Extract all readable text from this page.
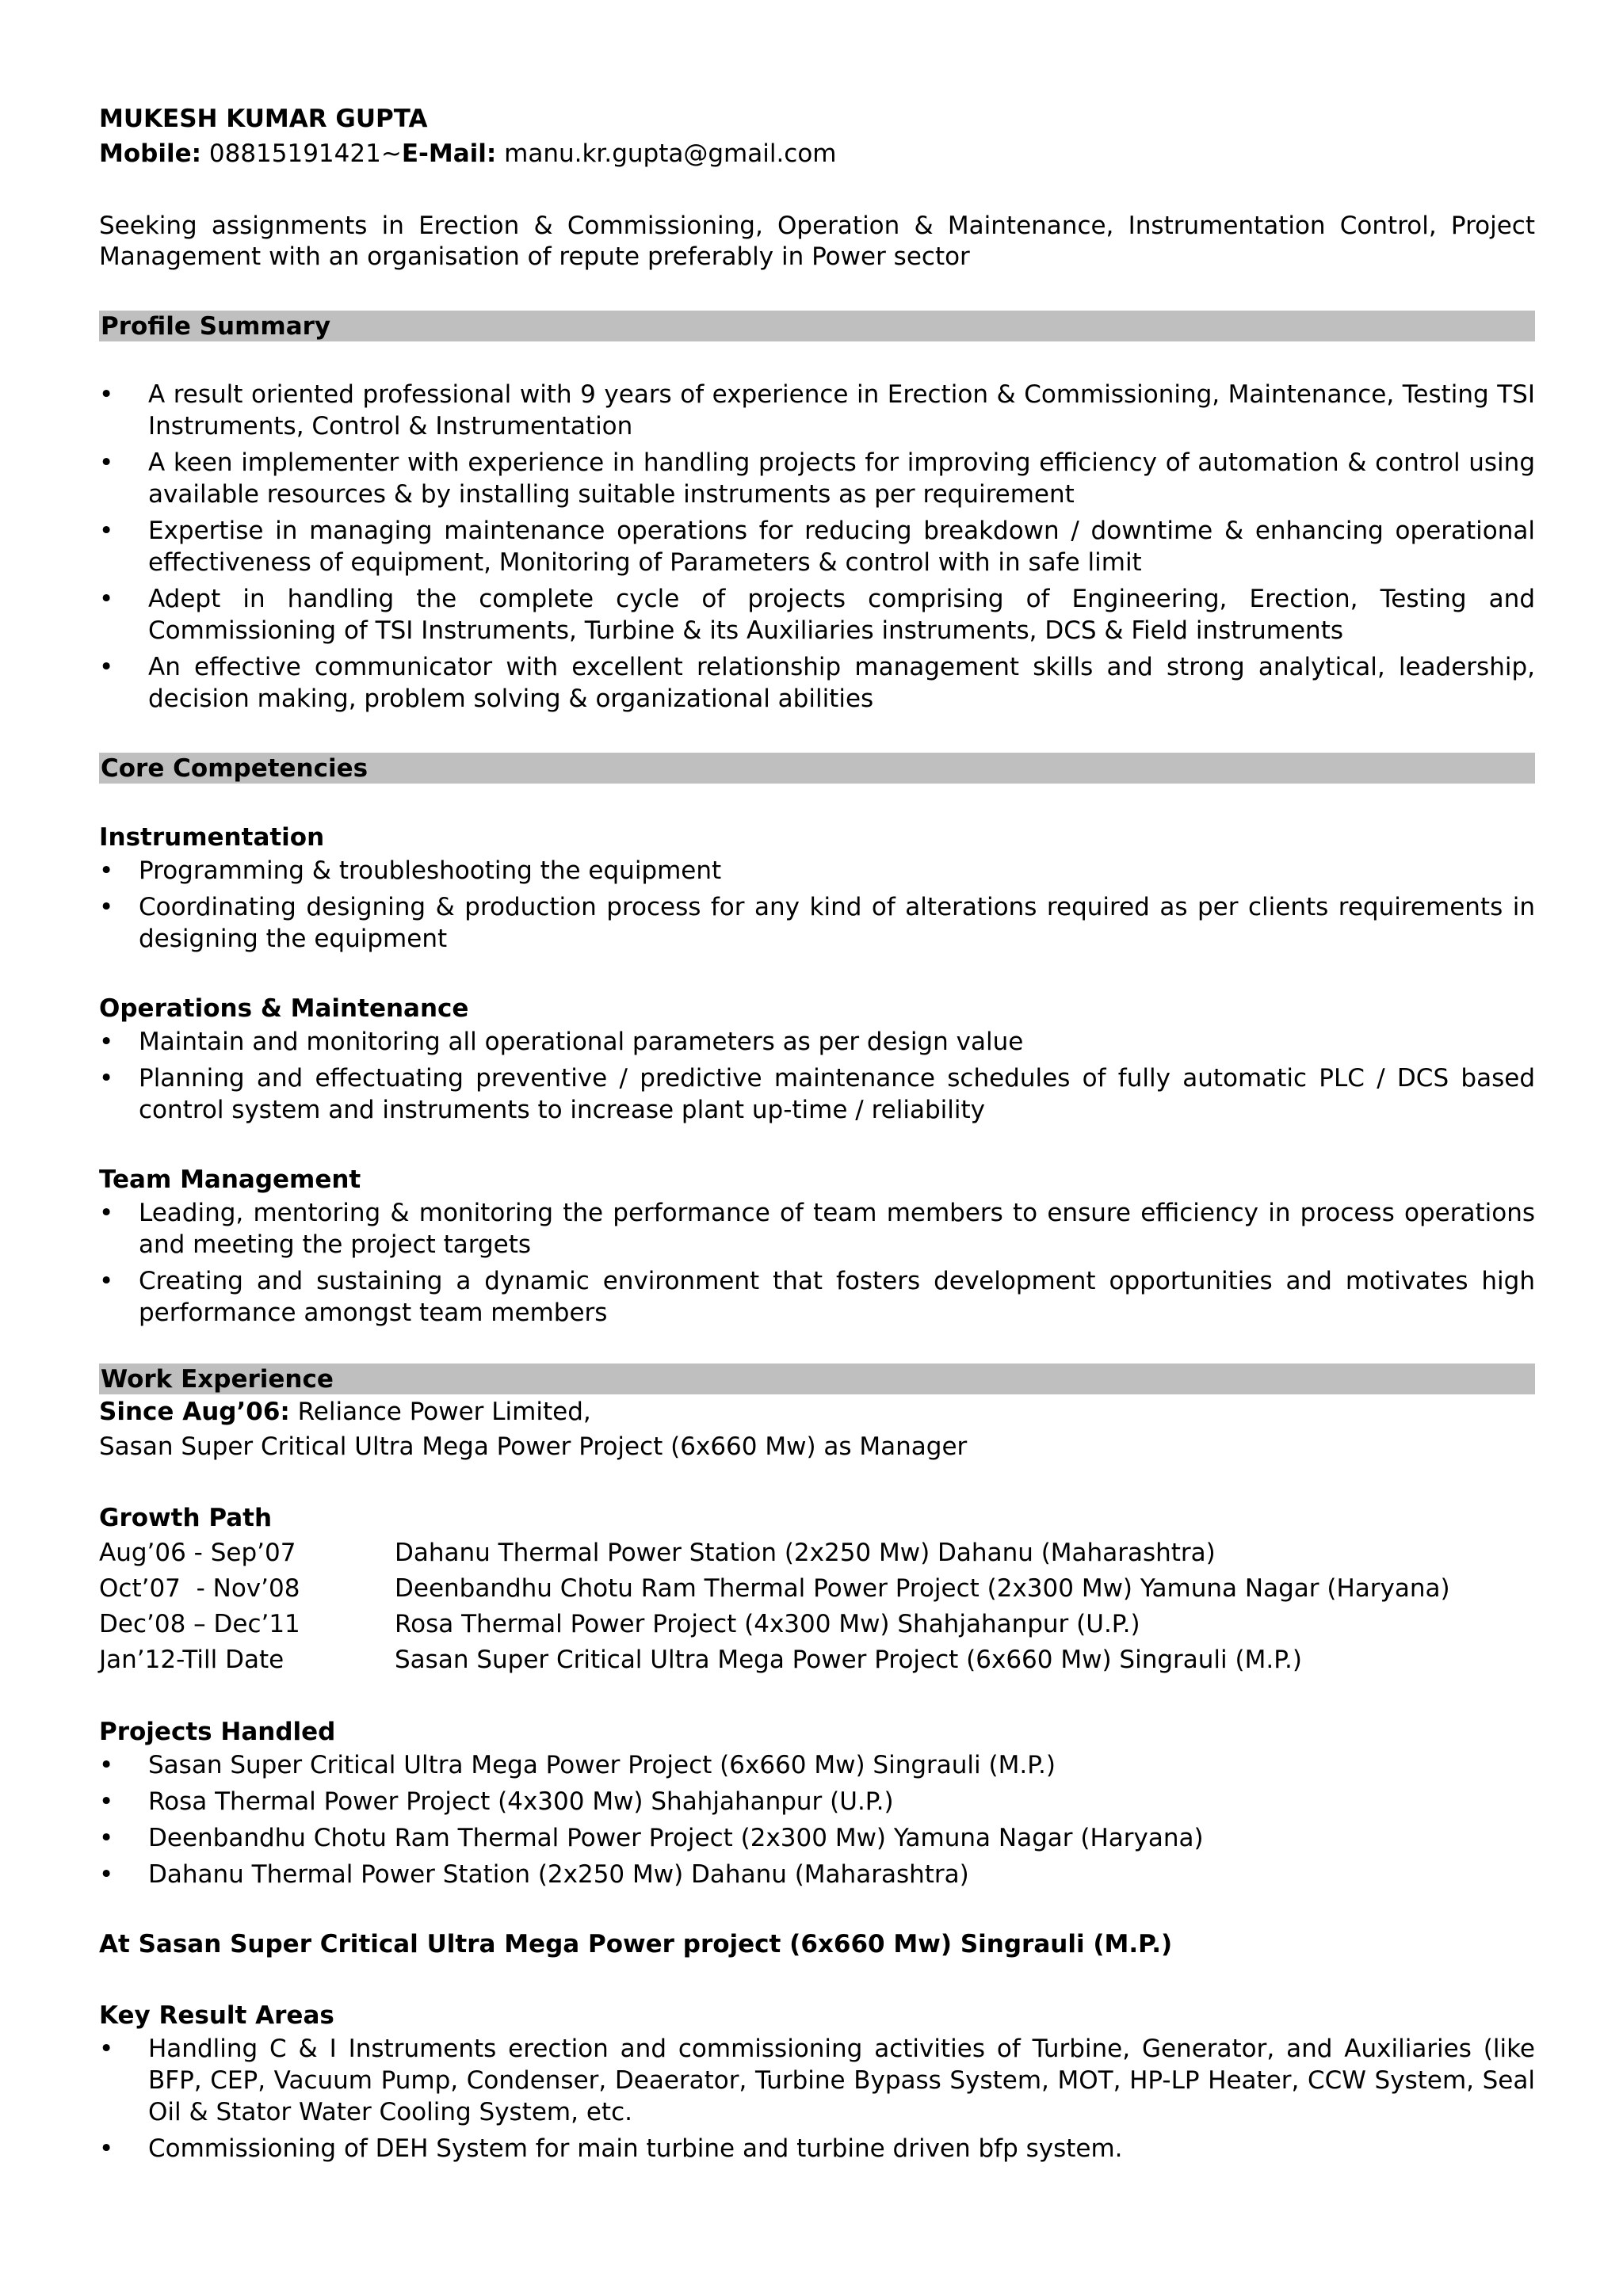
MUKESH KUMAR GUPTA
Mobile: 08815191421~E-Mail: manu.kr.gupta@gmail.com
Seeking assignments in Erection & Commissioning, Operation & Maintenance, Instrumentation Control, Project Management with an organisation of repute preferably in Power sector
Profile Summary
• A result oriented professional with 9 years of experience in Erection & Commissioning, Maintenance, Testing TSI Instruments, Control & Instrumentation
• A keen implementer with experience in handling projects for improving efficiency of automation & control using available resources & by installing suitable instruments as per requirement
• Expertise in managing maintenance operations for reducing breakdown / downtime & enhancing operational effectiveness of equipment, Monitoring of Parameters & control with in safe limit
• Adept in handling the complete cycle of projects comprising of Engineering, Erection, Testing and Commissioning of TSI Instruments, Turbine & its Auxiliaries instruments, DCS & Field instruments
• An effective communicator with excellent relationship management skills and strong analytical, leadership, decision making, problem solving & organizational abilities
Core Competencies
Instrumentation
• Programming & troubleshooting the equipment
• Coordinating designing & production process for any kind of alterations required as per clients requirements in designing the equipment
Operations & Maintenance
• Maintain and monitoring all operational parameters as per design value
• Planning and effectuating preventive / predictive maintenance schedules of fully automatic PLC / DCS based control system and instruments to increase plant up-time / reliability
Team Management
• Leading, mentoring & monitoring the performance of team members to ensure efficiency in process operations and meeting the project targets
• Creating and sustaining a dynamic environment that fosters development opportunities and motivates high performance amongst team members
Work Experience
Since Aug’06: Reliance Power Limited,
Sasan Super Critical Ultra Mega Power Project (6x660 Mw) as Manager
Growth Path
Aug’06 - Sep’07	Dahanu Thermal Power Station (2x250 Mw) Dahanu (Maharashtra)
Oct’07  - Nov’08	Deenbandhu Chotu Ram Thermal Power Project (2x300 Mw) Yamuna Nagar (Haryana)
Dec’08 – Dec’11	Rosa Thermal Power Project (4x300 Mw) Shahjahanpur (U.P.)
Jan’12-Till Date	Sasan Super Critical Ultra Mega Power Project (6x660 Mw) Singrauli (M.P.)
Projects Handled
• Sasan Super Critical Ultra Mega Power Project (6x660 Mw) Singrauli (M.P.)
• Rosa Thermal Power Project (4x300 Mw) Shahjahanpur (U.P.)
• Deenbandhu Chotu Ram Thermal Power Project (2x300 Mw) Yamuna Nagar (Haryana)
• Dahanu Thermal Power Station (2x250 Mw) Dahanu (Maharashtra)
At Sasan Super Critical Ultra Mega Power project (6x660 Mw) Singrauli (M.P.)
Key Result Areas
• Handling C & I Instruments erection and commissioning activities of Turbine, Generator, and Auxiliaries (like BFP, CEP, Vacuum Pump, Condenser, Deaerator, Turbine Bypass System, MOT, HP-LP Heater, CCW System, Seal Oil & Stator Water Cooling System, etc.
• Commissioning of DEH System for main turbine and turbine driven bfp system.
